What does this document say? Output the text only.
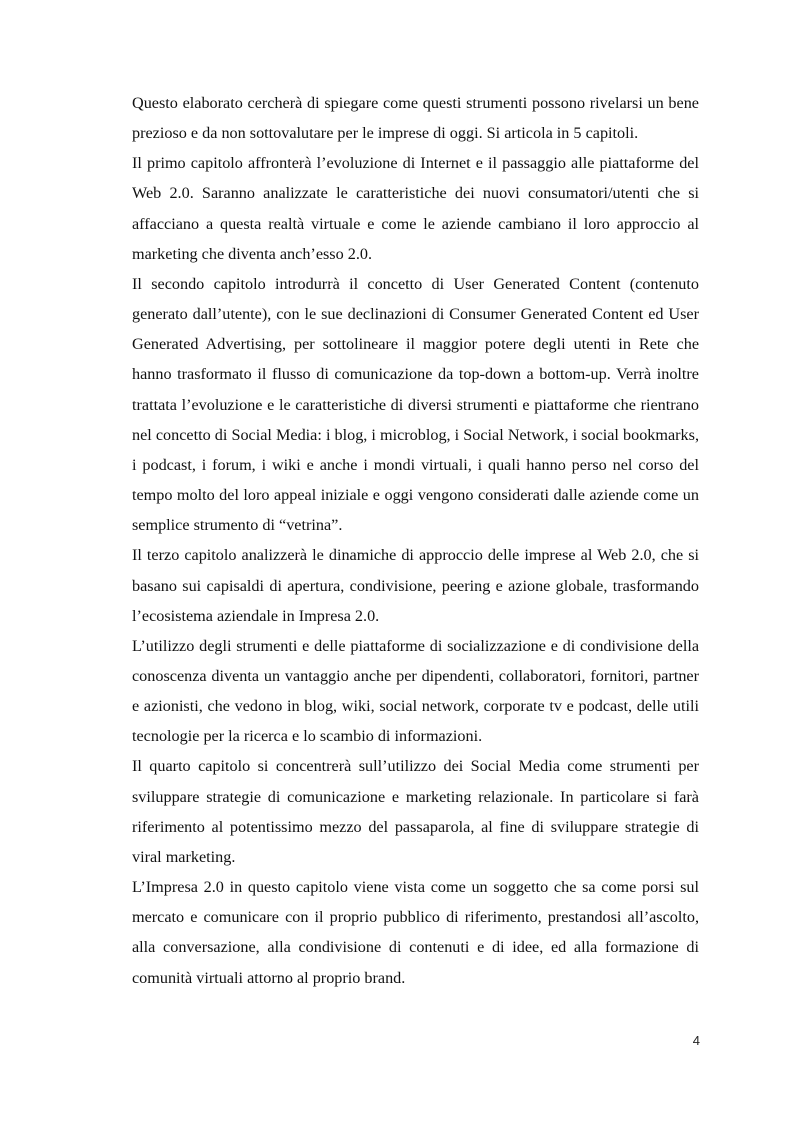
Questo elaborato cercherà di spiegare come questi strumenti possono rivelarsi un bene prezioso e da non sottovalutare per le imprese di oggi. Si articola in 5 capitoli.

Il primo capitolo affronterà l’evoluzione di Internet e il passaggio alle piattaforme del Web 2.0. Saranno analizzate le caratteristiche dei nuovi consumatori/utenti che si affacciano a questa realtà virtuale e come le aziende cambiano il loro approccio al marketing che diventa anch’esso 2.0.

Il secondo capitolo introdurrà il concetto di User Generated Content (contenuto generato dall’utente), con le sue declinazioni di Consumer Generated Content ed User Generated Advertising, per sottolineare il maggior potere degli utenti in Rete che hanno trasformato il flusso di comunicazione da top-down a bottom-up. Verrà inoltre trattata l’evoluzione e le caratteristiche di diversi strumenti e piattaforme che rientrano nel concetto di Social Media: i blog, i microblog, i Social Network, i social bookmarks, i podcast, i forum, i wiki e anche i mondi virtuali, i quali hanno perso nel corso del tempo molto del loro appeal iniziale e oggi vengono considerati dalle aziende come un semplice strumento di “vetrina”.

Il terzo capitolo analizzerà le dinamiche di approccio delle imprese al Web 2.0, che si basano sui capisaldi di apertura, condivisione, peering e azione globale, trasformando l’ecosistema aziendale in Impresa 2.0.

L’utilizzo degli strumenti e delle piattaforme di socializzazione e di condivisione della conoscenza diventa un vantaggio anche per dipendenti, collaboratori, fornitori, partner e azionisti, che vedono in blog, wiki, social network, corporate tv e podcast, delle utili tecnologie per la ricerca e lo scambio di informazioni.

Il quarto capitolo si concentrerà sull’utilizzo dei Social Media come strumenti per sviluppare strategie di comunicazione e marketing relazionale. In particolare si farà riferimento al potentissimo mezzo del passaparola, al fine di sviluppare strategie di viral marketing.

L’Impresa 2.0 in questo capitolo viene vista come un soggetto che sa come porsi sul mercato e comunicare con il proprio pubblico di riferimento, prestandosi all’ascolto, alla conversazione, alla condivisione di contenuti e di idee, ed alla formazione di comunità virtuali attorno al proprio brand.

4
